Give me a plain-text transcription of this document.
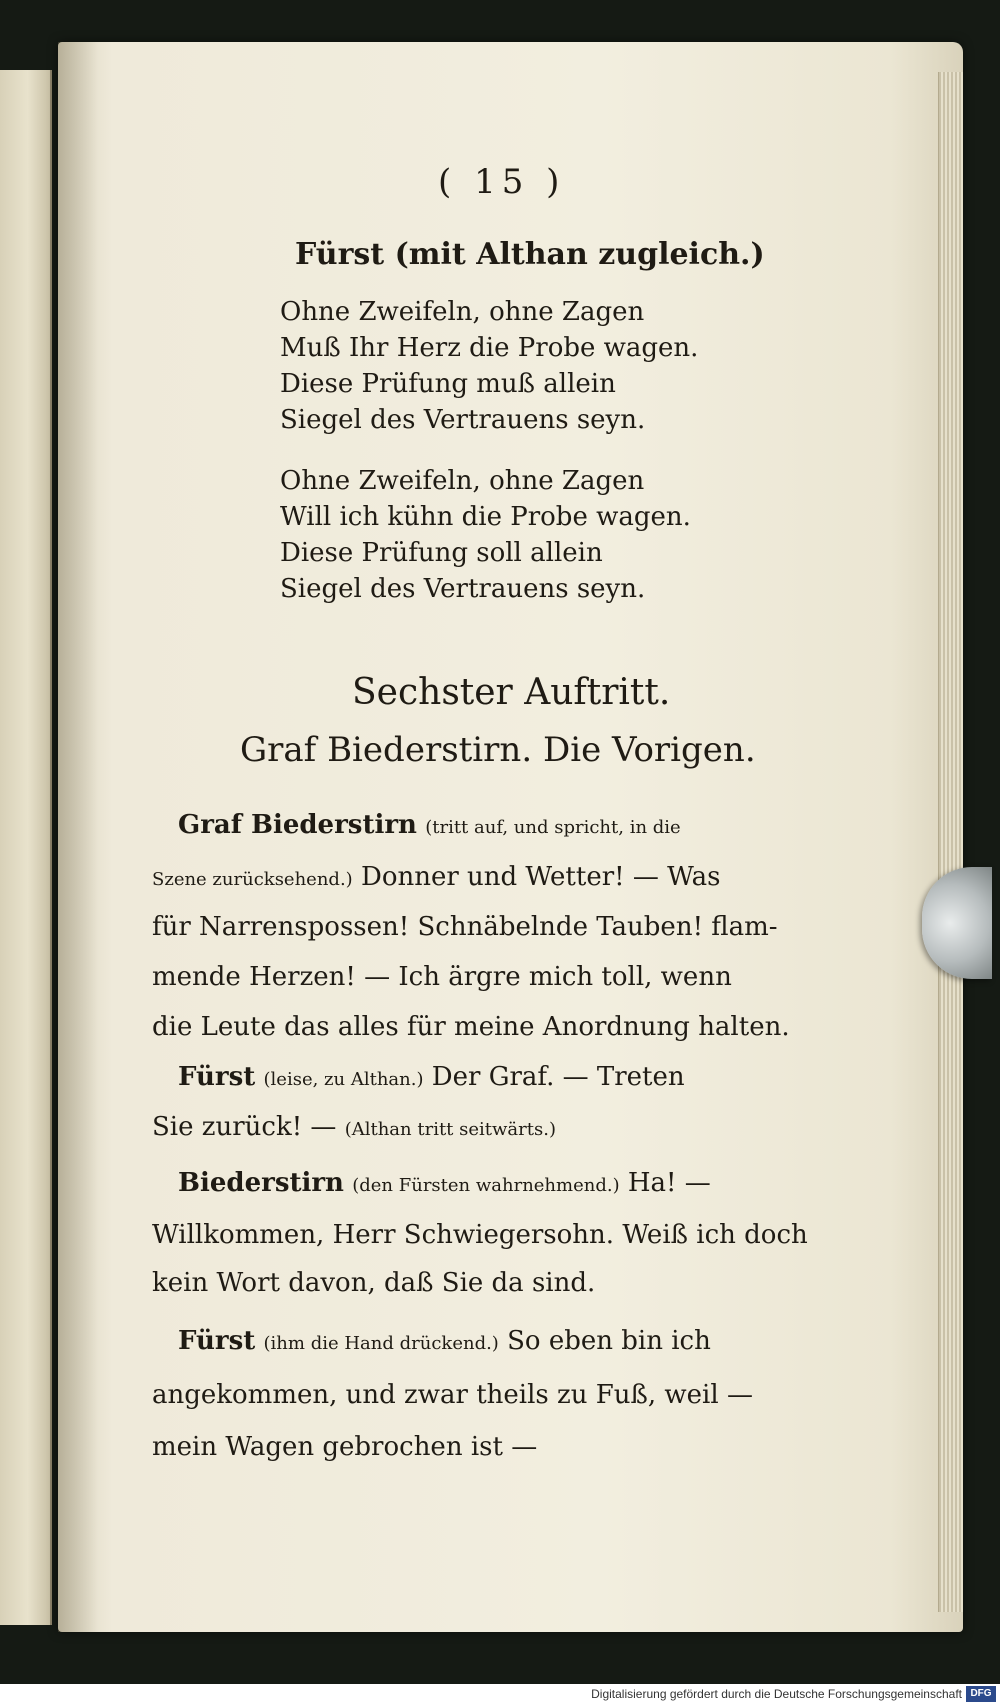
( 15 )
Fürst (mit Althan zugleich.)
Ohne Zweifeln, ohne Zagen
Muß Ihr Herz die Probe wagen.
Diese Prüfung muß allein
Siegel des Vertrauens seyn.
Ohne Zweifeln, ohne Zagen
Will ich kühn die Probe wagen.
Diese Prüfung soll allein
Siegel des Vertrauens seyn.
Sechster Auftritt.
Graf Biederstirn. Die Vorigen.
Graf Biederstirn (tritt auf, und spricht, in die
Szene zurücksehend.) Donner und Wetter! — Was
für Narrenspossen! Schnäbelnde Tauben! flam-
mende Herzen! — Ich ärgre mich toll, wenn
die Leute das alles für meine Anordnung halten.
Fürst (leise, zu Althan.) Der Graf. — Treten
Sie zurück! — (Althan tritt seitwärts.)
Biederstirn (den Fürsten wahrnehmend.) Ha! —
Willkommen, Herr Schwiegersohn. Weiß ich doch
kein Wort davon, daß Sie da sind.
Fürst (ihm die Hand drückend.) So eben bin ich
angekommen, und zwar theils zu Fuß, weil —
mein Wagen gebrochen ist —
Digitalisierung gefördert durch die Deutsche Forschungsgemeinschaft DFG
